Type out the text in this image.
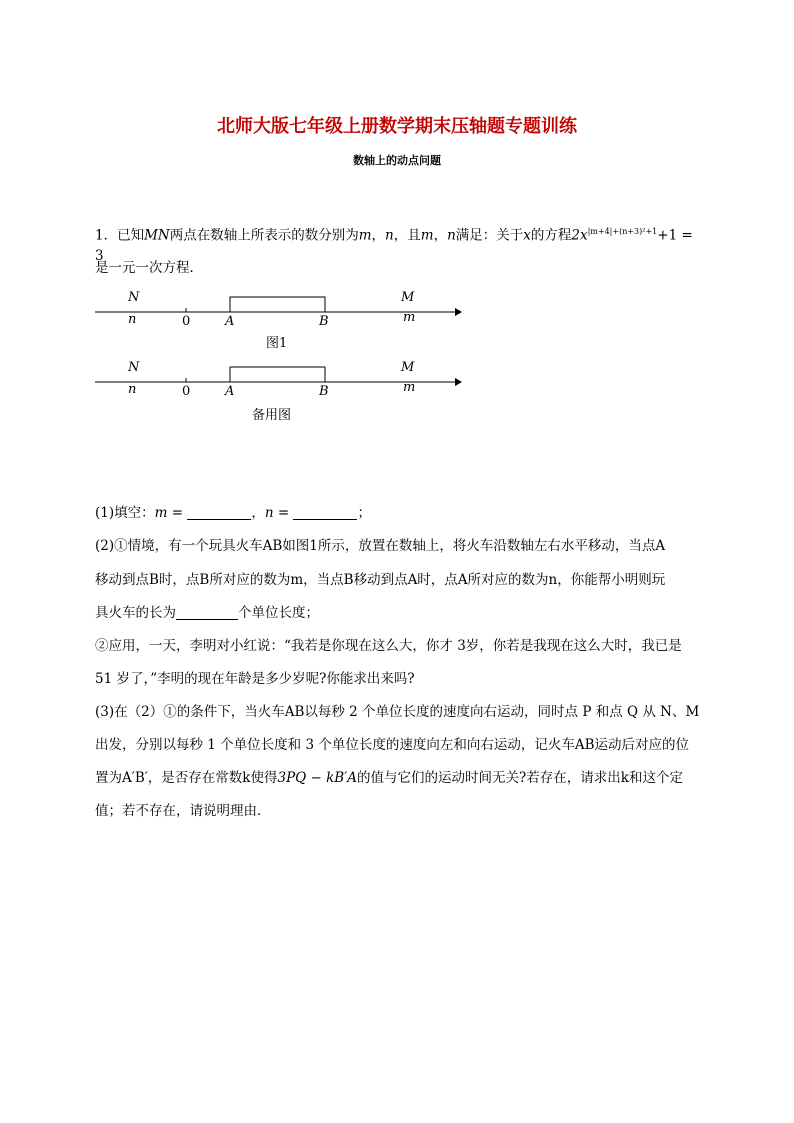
北师大版七年级上册数学期末压轴题专题训练
数轴上的动点问题
1．已知MN两点在数轴上所表示的数分别为m，n，且m，n满足：关于x的方程$2x^{|m+4|+(n+3)^2+1}+1 = 3$
是一元一次方程．
N
n	0	A	B
M
m
图1
N
n	0	A	B
M
m
备用图
(1)填空：m =	，n =	；
(2)①情境，有一个玩具火车AB如图1所示，放置在数轴上，将火车沿数轴左右水平移动，当点A
移动到点B时，点B所对应的数为m，当点B移动到点A时，点A所对应的数为n，你能帮小明则玩
具火车的长为	个单位长度；
②应用，一天，李明对小红说：“我若是你现在这么大，你才 3岁，你若是我现在这么大时，我已是
51 岁了，”李明的现在年龄是多少岁呢?你能求出来吗?
(3)在（2）①的条件下，当火车AB以每秒 2 个单位长度的速度向右运动，同时点 P 和点 Q 从 N、M
出发，分别以每秒 1 个单位长度和 3 个单位长度的速度向左和向右运动，记火车AB运动后对应的位
置为A′B′，是否存在常数k使得3PQ − kB′A的值与它们的运动时间无关?若存在，请求出k和这个定
值；若不存在，请说明理由．
